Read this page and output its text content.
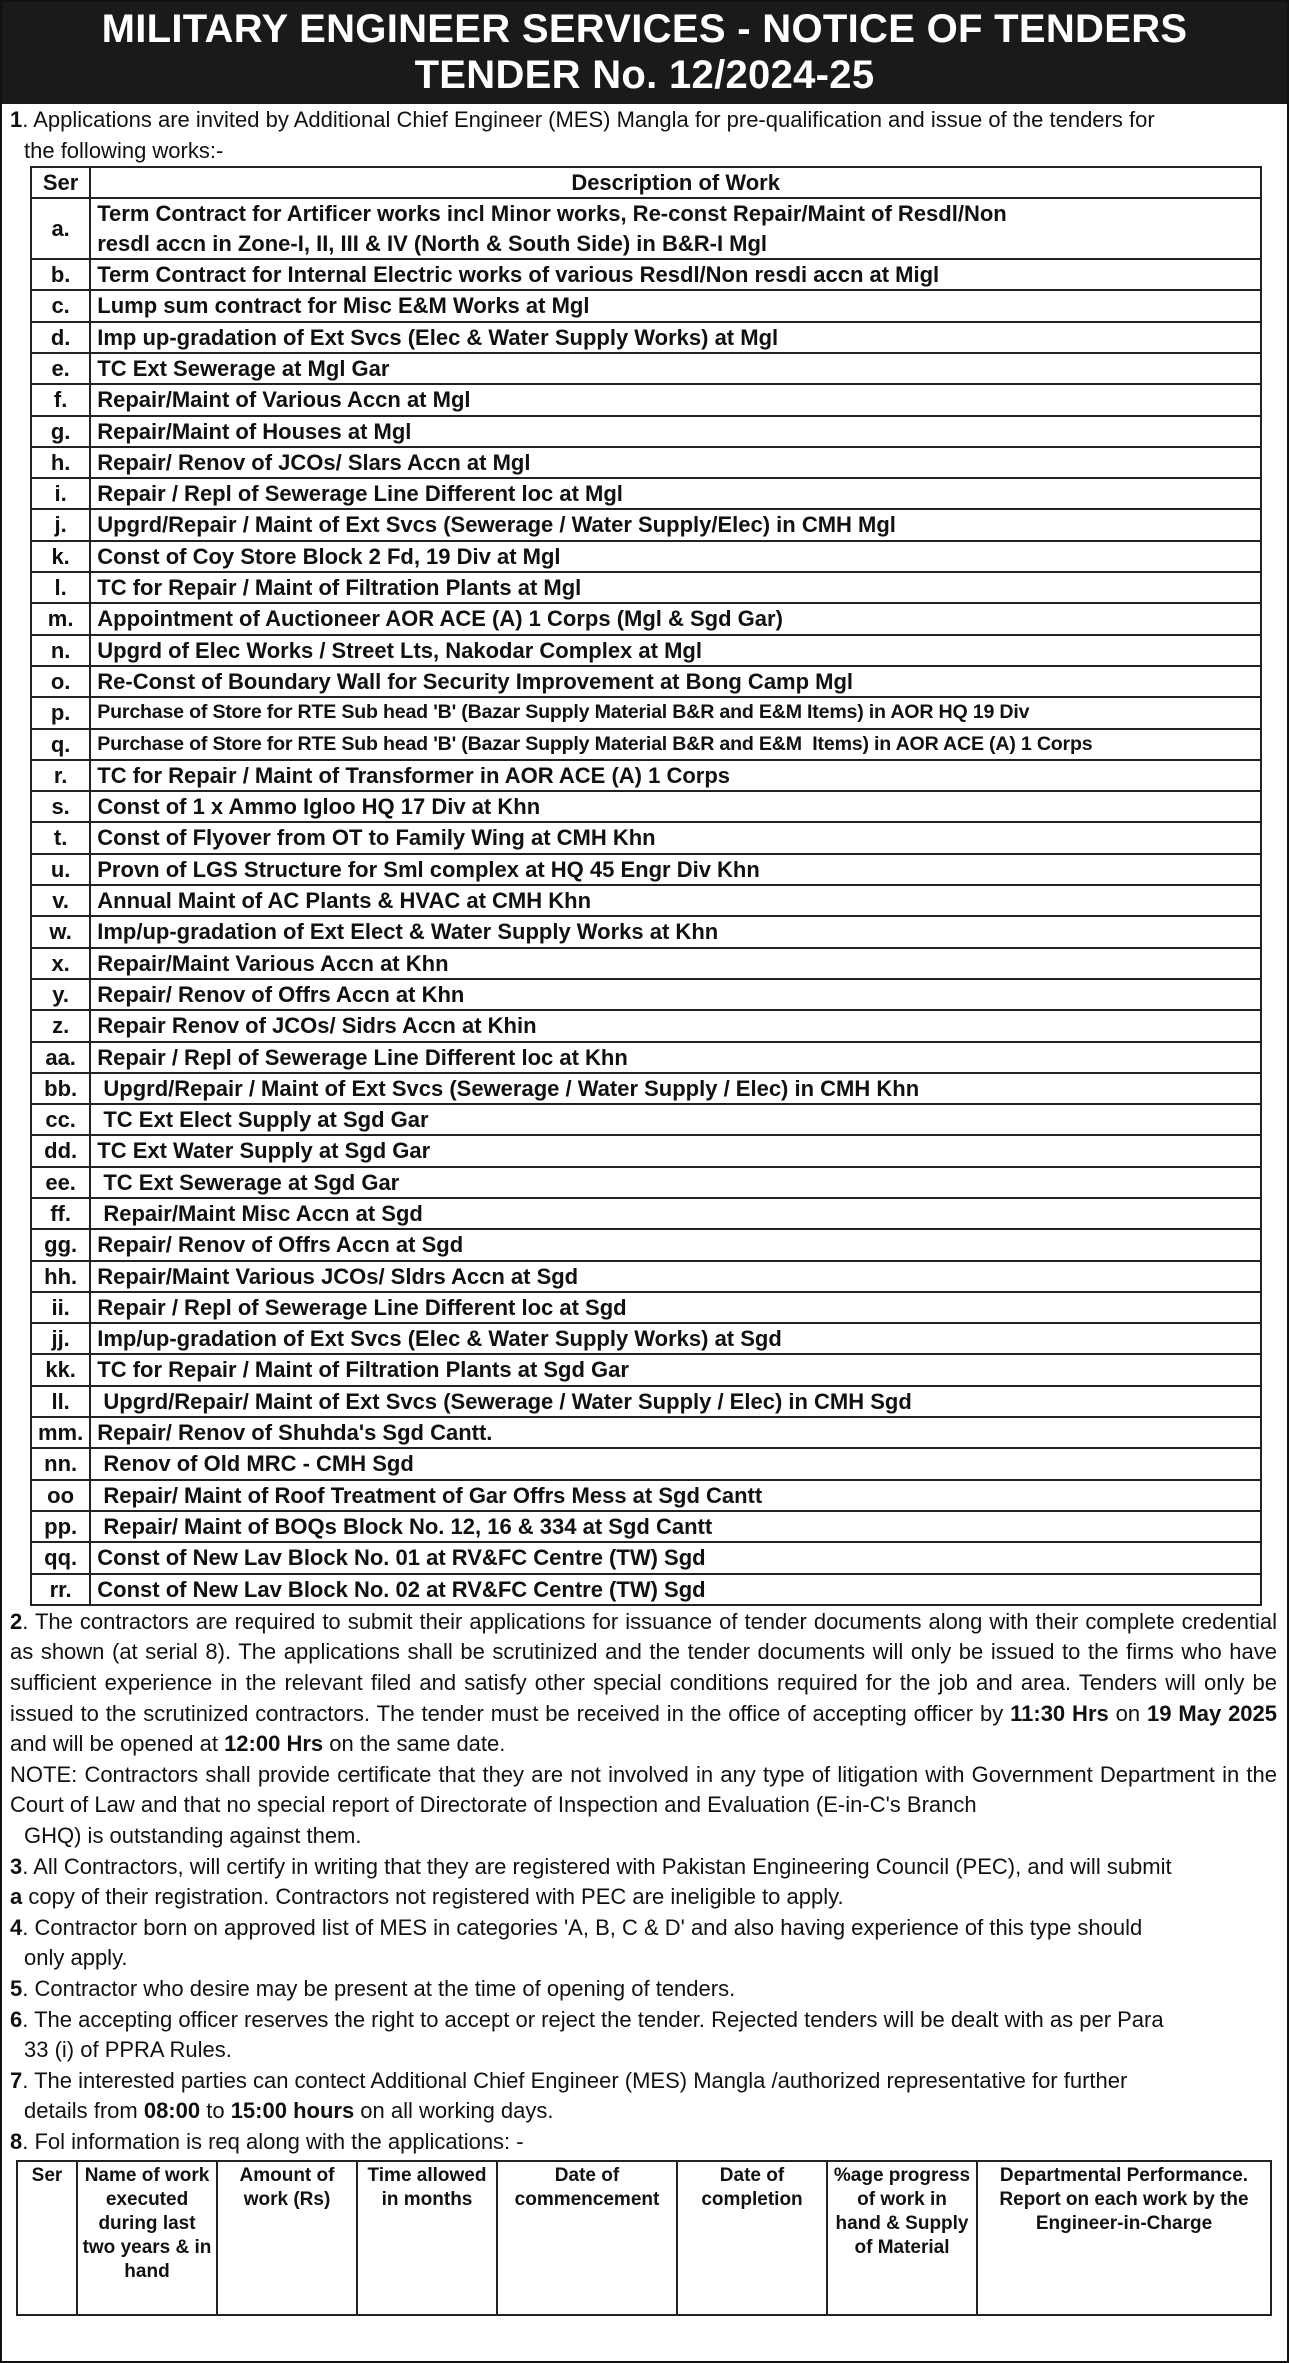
MILITARY ENGINEER SERVICES - NOTICE OF TENDERS
TENDER No. 12/2024-25
1. Applications are invited by Additional Chief Engineer (MES) Mangla for pre-qualification and issue of the tenders for
the following works:-
Ser	Description of Work
a.	Term Contract for Artificer works incl Minor works, Re-const Repair/Maint of Resdl/Non
resdl accn in Zone-I, II, III & IV (North & South Side) in B&R-I Mgl

b.	Term Contract for Internal Electric works of various Resdl/Non resdi accn at Migl

c.	Lump sum contract for Misc E&M Works at Mgl

d.	Imp up-gradation of Ext Svcs (Elec & Water Supply Works) at Mgl

e.	TC Ext Sewerage at Mgl Gar

f.	Repair/Maint of Various Accn at Mgl

g.	Repair/Maint of Houses at Mgl

h.	Repair/ Renov of JCOs/ Slars Accn at Mgl

i.	Repair / Repl of Sewerage Line Different loc at Mgl

j.	Upgrd/Repair / Maint of Ext Svcs (Sewerage / Water Supply/Elec) in CMH Mgl

k.	Const of Coy Store Block 2 Fd, 19 Div at Mgl

l.	TC for Repair / Maint of Filtration Plants at Mgl

m.	Appointment of Auctioneer AOR ACE (A) 1 Corps (Mgl & Sgd Gar)

n.	Upgrd of Elec Works / Street Lts, Nakodar Complex at Mgl

o.	Re-Const of Boundary Wall for Security Improvement at Bong Camp Mgl

p.	Purchase of Store for RTE Sub head 'B' (Bazar Supply Material B&R and E&M Items) in AOR HQ 19 Div

q.	Purchase of Store for RTE Sub head 'B' (Bazar Supply Material B&R and E&M  Items) in AOR ACE (A) 1 Corps

r.	TC for Repair / Maint of Transformer in AOR ACE (A) 1 Corps

s.	Const of 1 x Ammo Igloo HQ 17 Div at Khn

t.	Const of Flyover from OT to Family Wing at CMH Khn

u.	Provn of LGS Structure for Sml complex at HQ 45 Engr Div Khn

v.	Annual Maint of AC Plants & HVAC at CMH Khn

w.	Imp/up-gradation of Ext Elect & Water Supply Works at Khn

x.	Repair/Maint Various Accn at Khn

y.	Repair/ Renov of Offrs Accn at Khn

z.	Repair Renov of JCOs/ Sidrs Accn at Khin

aa.	Repair / Repl of Sewerage Line Different loc at Khn

bb.	Upgrd/Repair / Maint of Ext Svcs (Sewerage / Water Supply / Elec) in CMH Khn

cc.	TC Ext Elect Supply at Sgd Gar

dd.	TC Ext Water Supply at Sgd Gar

ee.	TC Ext Sewerage at Sgd Gar

ff.	Repair/Maint Misc Accn at Sgd

gg.	Repair/ Renov of Offrs Accn at Sgd

hh.	Repair/Maint Various JCOs/ Sldrs Accn at Sgd

ii.	Repair / Repl of Sewerage Line Different loc at Sgd

jj.	Imp/up-gradation of Ext Svcs (Elec & Water Supply Works) at Sgd

kk.	TC for Repair / Maint of Filtration Plants at Sgd Gar

ll.	Upgrd/Repair/ Maint of Ext Svcs (Sewerage / Water Supply / Elec) in CMH Sgd

mm.	Repair/ Renov of Shuhda's Sgd Cantt.

nn.	Renov of Old MRC - CMH Sgd

oo	Repair/ Maint of Roof Treatment of Gar Offrs Mess at Sgd Cantt

pp.	Repair/ Maint of BOQs Block No. 12, 16 & 334 at Sgd Cantt

qq.	Const of New Lav Block No. 01 at RV&FC Centre (TW) Sgd

rr.	Const of New Lav Block No. 02 at RV&FC Centre (TW) Sgd
2. The contractors are required to submit their applications for issuance of tender documents along with their complete credential as shown (at serial 8). The applications shall be scrutinized and the tender documents will only be issued to the firms who have sufficient experience in the relevant filed and satisfy other special conditions required for the job and area. Tenders will only be issued to the scrutinized contractors. The tender must be received in the office of accepting officer by 11:30 Hrs on 19 May 2025 and will be opened at 12:00 Hrs on the same date.
NOTE: Contractors shall provide certificate that they are not involved in any type of litigation with Government Department in the Court of Law and that no special report of Directorate of Inspection and Evaluation (E-in-C's Branch
GHQ) is outstanding against them.
3. All Contractors, will certify in writing that they are registered with Pakistan Engineering Council (PEC), and will submit
a copy of their registration. Contractors not registered with PEC are ineligible to apply.
4. Contractor born on approved list of MES in categories 'A, B, C & D' and also having experience of this type should
only apply.
5. Contractor who desire may be present at the time of opening of tenders.
6. The accepting officer reserves the right to accept or reject the tender. Rejected tenders will be dealt with as per Para
33 (i) of PPRA Rules.
7. The interested parties can contect Additional Chief Engineer (MES) Mangla /authorized representative for further
details from 08:00 to 15:00 hours on all working days.
8. Fol information is req along with the applications: -
Ser	Name of work executed during last two years & in hand	Amount of work (Rs)	Time allowed in months	Date of commencement	Date of completion	%age progress of work in hand & Supply of Material	Departmental Performance. Report on each work by the Engineer-in-Charge
